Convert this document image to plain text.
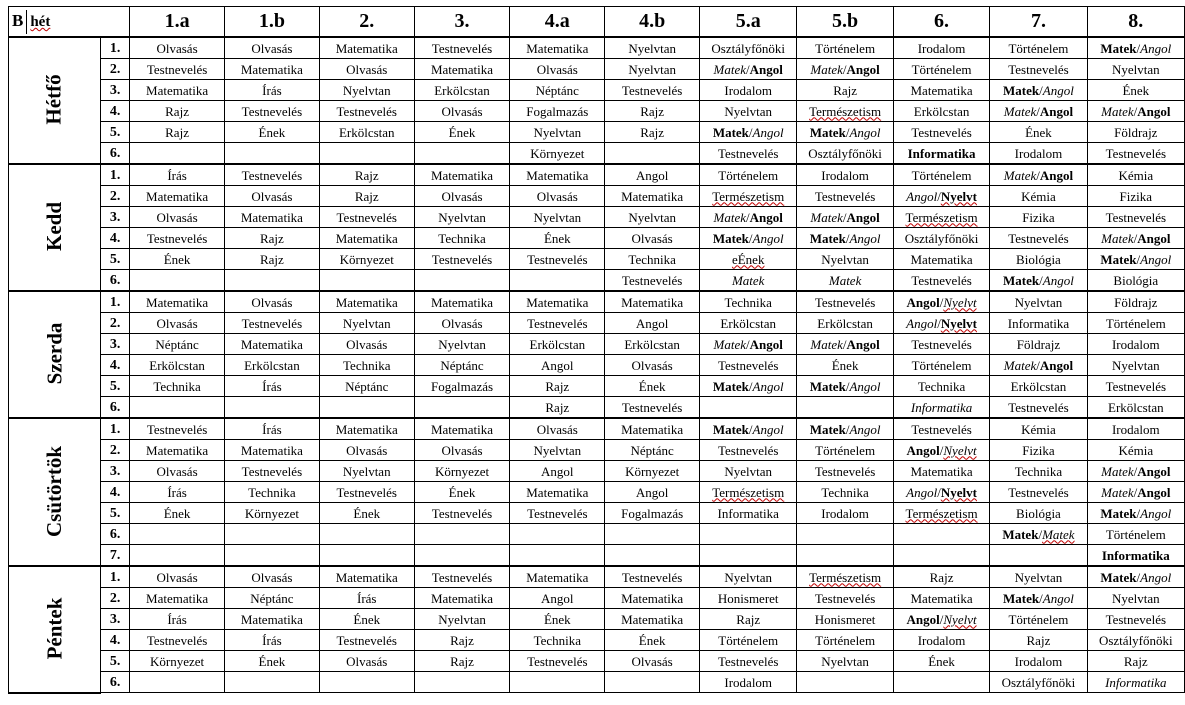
B hét		1.a	1.b	2.	3.	4.a	4.b	5.a	5.b	6.	7.	8.
Hétfő	1.	Olvasás	Olvasás	Matematika	Testnevelés	Matematika	Nyelvtan	Osztályfőnöki	Történelem	Irodalom	Történelem	Matek/Angol
	2.	Testnevelés	Matematika	Olvasás	Matematika	Olvasás	Nyelvtan	Matek/Angol	Matek/Angol	Történelem	Testnevelés	Nyelvtan
	3.	Matematika	Írás	Nyelvtan	Erkölcstan	Néptánc	Testnevelés	Irodalom	Rajz	Matematika	Matek/Angol	Ének
	4.	Rajz	Testnevelés	Testnevelés	Olvasás	Fogalmazás	Rajz	Nyelvtan	Természetism	Erkölcstan	Matek/Angol	Matek/Angol
	5.	Rajz	Ének	Erkölcstan	Ének	Nyelvtan	Rajz	Matek/Angol	Matek/Angol	Testnevelés	Ének	Földrajz
	6.					Környezet		Testnevelés	Osztályfőnöki	Informatika	Irodalom	Testnevelés
Kedd	1.	Írás	Testnevelés	Rajz	Matematika	Matematika	Angol	Történelem	Irodalom	Történelem	Matek/Angol	Kémia
	2.	Matematika	Olvasás	Rajz	Olvasás	Olvasás	Matematika	Természetism	Testnevelés	Angol/Nyelvt	Kémia	Fizika
	3.	Olvasás	Matematika	Testnevelés	Nyelvtan	Nyelvtan	Nyelvtan	Matek/Angol	Matek/Angol	Természetism	Fizika	Testnevelés
	4.	Testnevelés	Rajz	Matematika	Technika	Ének	Olvasás	Matek/Angol	Matek/Angol	Osztályfőnöki	Testnevelés	Matek/Angol
	5.	Ének	Rajz	Környezet	Testnevelés	Testnevelés	Technika	eÉnek	Nyelvtan	Matematika	Biológia	Matek/Angol
	6.						Testnevelés	Matek	Matek	Testnevelés	Matek/Angol	Biológia
Szerda	1.	Matematika	Olvasás	Matematika	Matematika	Matematika	Matematika	Technika	Testnevelés	Angol/Nyelvt	Nyelvtan	Földrajz
	2.	Olvasás	Testnevelés	Nyelvtan	Olvasás	Testnevelés	Angol	Erkölcstan	Erkölcstan	Angol/Nyelvt	Informatika	Történelem
	3.	Néptánc	Matematika	Olvasás	Nyelvtan	Erkölcstan	Erkölcstan	Matek/Angol	Matek/Angol	Testnevelés	Földrajz	Irodalom
	4.	Erkölcstan	Erkölcstan	Technika	Néptánc	Angol	Olvasás	Testnevelés	Ének	Történelem	Matek/Angol	Nyelvtan
	5.	Technika	Írás	Néptánc	Fogalmazás	Rajz	Ének	Matek/Angol	Matek/Angol	Technika	Erkölcstan	Testnevelés
	6.					Rajz	Testnevelés			Informatika	Testnevelés	Erkölcstan
Csütörtök	1.	Testnevelés	Írás	Matematika	Matematika	Olvasás	Matematika	Matek/Angol	Matek/Angol	Testnevelés	Kémia	Irodalom
	2.	Matematika	Matematika	Olvasás	Olvasás	Nyelvtan	Néptánc	Testnevelés	Történelem	Angol/Nyelvt	Fizika	Kémia
	3.	Olvasás	Testnevelés	Nyelvtan	Környezet	Angol	Környezet	Nyelvtan	Testnevelés	Matematika	Technika	Matek/Angol
	4.	Írás	Technika	Testnevelés	Ének	Matematika	Angol	Természetism	Technika	Angol/Nyelvt	Testnevelés	Matek/Angol
	5.	Ének	Környezet	Ének	Testnevelés	Testnevelés	Fogalmazás	Informatika	Irodalom	Természetism	Biológia	Matek/Angol
	6.										Matek/Matek	Történelem
	7.											Informatika
Péntek	1.	Olvasás	Olvasás	Matematika	Testnevelés	Matematika	Testnevelés	Nyelvtan	Természetism	Rajz	Nyelvtan	Matek/Angol
	2.	Matematika	Néptánc	Írás	Matematika	Angol	Matematika	Honismeret	Testnevelés	Matematika	Matek/Angol	Nyelvtan
	3.	Írás	Matematika	Ének	Nyelvtan	Ének	Matematika	Rajz	Honismeret	Angol/Nyelvt	Történelem	Testnevelés
	4.	Testnevelés	Írás	Testnevelés	Rajz	Technika	Ének	Történelem	Történelem	Irodalom	Rajz	Osztályfőnöki
	5.	Környezet	Ének	Olvasás	Rajz	Testnevelés	Olvasás	Testnevelés	Nyelvtan	Ének	Irodalom	Rajz
	6.							Irodalom			Osztályfőnöki	Informatika
